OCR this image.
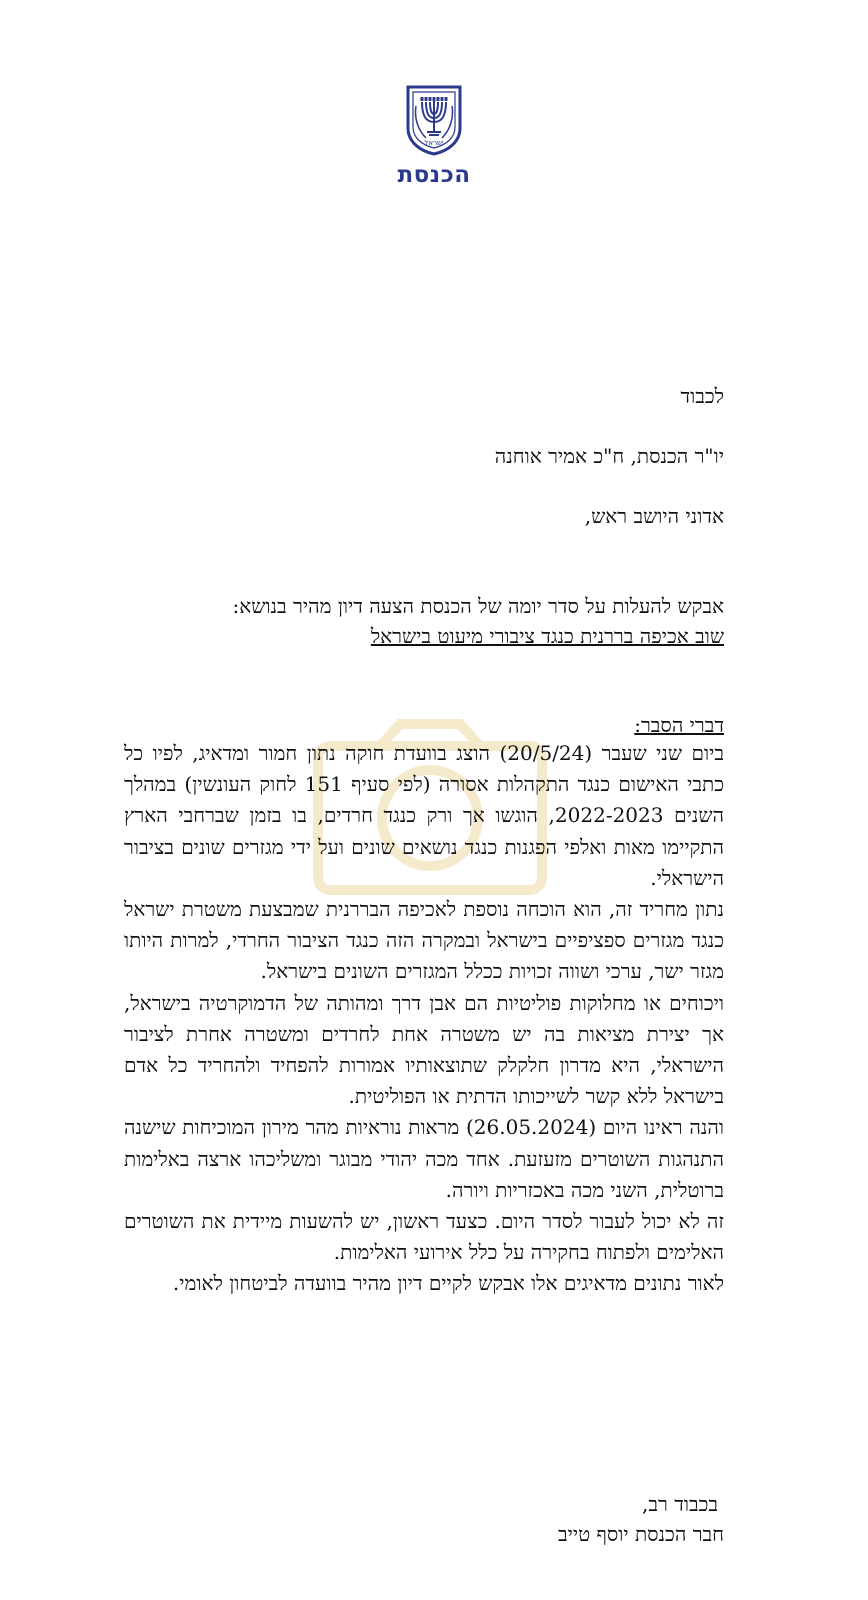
ישראל
הכנסת
לכבוד
יו"ר הכנסת, ח"כ אמיר אוחנה
אדוני היושב ראש,
אבקש להעלות על סדר יומה של הכנסת הצעה דיון מהיר בנושא:
שוב אכיפה בררנית כנגד ציבורי מיעוט בישראל
דברי הסבר:

ביום שני שעבר (20/5/24) הוצג בוועדת חוקה נתון חמור ומדאיג, לפיו כל כתבי האישום כנגד התקהלות אסורה (לפי סעיף 151 לחוק העונשין) במהלך השנים 2022-2023, הוגשו אך ורק כנגד חרדים, בו בזמן שברחבי הארץ התקיימו מאות ואלפי הפגנות כנגד נושאים שונים ועל ידי מגזרים שונים בציבור הישראלי.

נתון מחריד זה, הוא הוכחה נוספת לאכיפה הבררנית שמבצעת משטרת ישראל כנגד מגזרים ספציפיים בישראל ובמקרה הזה כנגד הציבור החרדי, למרות היותו מגזר ישר, ערכי ושווה זכויות ככלל המגזרים השונים בישראל.

ויכוחים או מחלוקות פוליטיות הם אבן דרך ומהותה של הדמוקרטיה בישראל, אך יצירת מציאות בה יש משטרה אחת לחרדים ומשטרה אחרת לציבור הישראלי, היא מדרון חלקלק שתוצאותיו אמורות להפחיד ולהחריד כל אדם בישראל ללא קשר לשייכותו הדתית או הפוליטית.

והנה ראינו היום (26.05.2024) מראות נוראיות מהר מירון המוכיחות שישנה התנהגות השוטרים מזעזעת. אחד מכה יהודי מבוגר ומשליכהו ארצה באלימות ברוטלית, השני מכה באכזריות ויורה.

זה לא יכול לעבור לסדר היום. כצעד ראשון, יש להשעות מיידית את השוטרים האלימים ולפתוח בחקירה על כלל אירועי האלימות.

לאור נתונים מדאיגים אלו אבקש לקיים דיון מהיר בוועדה לביטחון לאומי.

בכבוד רב,
חבר הכנסת יוסף טייב
